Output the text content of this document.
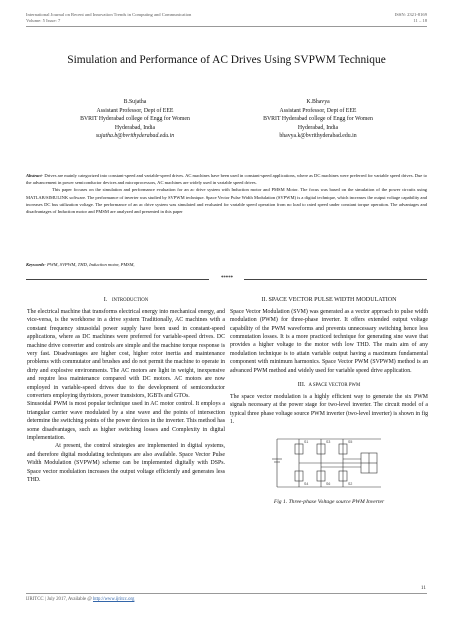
International Journal on Recent and Innovation Trends in Computing and Communication
Volume: 5 Issue: 7
ISSN: 2321-8169
11 – 18
Simulation and Performance of AC Drives Using SVPWM Technique
B.Sujatha
Assistant Professor, Dept of EEE
BVRIT Hyderabad college of Engg for Women
Hyderabad, India
sujatha.b@bvrithyderabad.edu.in
K.Bhavya
Assistant Professor, Dept of EEE
BVRIT Hyderabad college of Engg for Women
Hyderabad, India
bhavya.k@bvrithyderabad.edu.in

Abstract- Drives are mainly categorized into constant-speed and variable-speed drives. AC machines have been used in constant-speed applications, where as DC machines were preferred for variable speed drives. Due to the advancement in power semiconductor devices and microprocessors, AC machines are widely used in variable speed drives.

This paper focuses on the simulation and performance evaluation for an ac drive system with Induction motor and PMSM Motor. The focus was based on the simulation of the power circuits using MATLAB/SIMULINK software. The performance of inverter was studied by SVPWM technique. Space Vector Pulse Width Modulation (SVPWM) is a digital technique, which increases the output voltage capability and increases DC bus utilization voltage. The performance of an ac drive system was simulated and evaluated for variable speed operation from no load to rated speed under constant torque operation. The advantages and disadvantages of Induction motor and PMSM are analyzed and presented in this paper

Keywords- PWM, SVPWM, THD, Induction motor, PMSM,
*****
I. INTRODUCTION

The electrical machine that transforms electrical energy into mechanical energy, and vice-versa, is the workhorse in a drive system Traditionally, AC machines with a constant frequency sinusoidal power supply have been used in constant-speed applications, where as DC machines were preferred for variable-speed drives. DC machine drive converter and controls are simple and the machine torque response is very fast. Disadvantages are higher cost, higher rotor inertia and maintenance problems with commutator and brushes and do not permit the machine to operate in dirty and explosive environments. The AC motors are light in weight, inexpensive and require less maintenance compared with DC motors. AC motors are now employed in variable-speed drives due to the development of semiconductor converters employing thyristors, power transistors, IGBTs and GTOs.

Sinusoidal PWM is most popular technique used in AC motor control. It employs a triangular carrier wave modulated by a sine wave and the points of intersection determine the switching points of the power devices in the inverter. This method has some disadvantages, such as higher switching losses and Complexity in digital implementation.

At present, the control strategies are implemented in digital systems, and therefore digital modulating techniques are also available. Space Vector Pulse Width Modulation (SVPWM) scheme can be implemented digitally with DSPs. Space vector modulation increases the output voltage efficiently and generates less THD.

II. SPACE VECTOR PULSE WIDTH MODULATION

Space Vector Modulation (SVM) was generated as a vector approach to pulse width modulation (PWM) for three-phase inverter. It offers extended output voltage capability of the PWM waveforms and prevents unnecessary switching hence less commutation losses. It is a more practiced technique for generating sine wave that provides a higher voltage to the motor with low THD. The main aim of any modulation technique is to attain variable output having a maximum fundamental component with minimum harmonics. Space Vector PWM (SVPWM) method is an advanced PWM method and widely used for variable speed drive application.

III. A SPACE VECTOR PWM

The space vector modulation is a highly efficient way to generate the six PWM signals necessary at the power stage for two-level inverter. The circuit model of a typical three phase voltage source PWM inverter (two-level inverter) is shown in fig 1.

S1	S3	S5
S4	S6	S2
Fig 1. Three-phase Voltage source PWM Inverter
11
IJRITCC | July 2017, Available @ http://www.ijritcc.org
